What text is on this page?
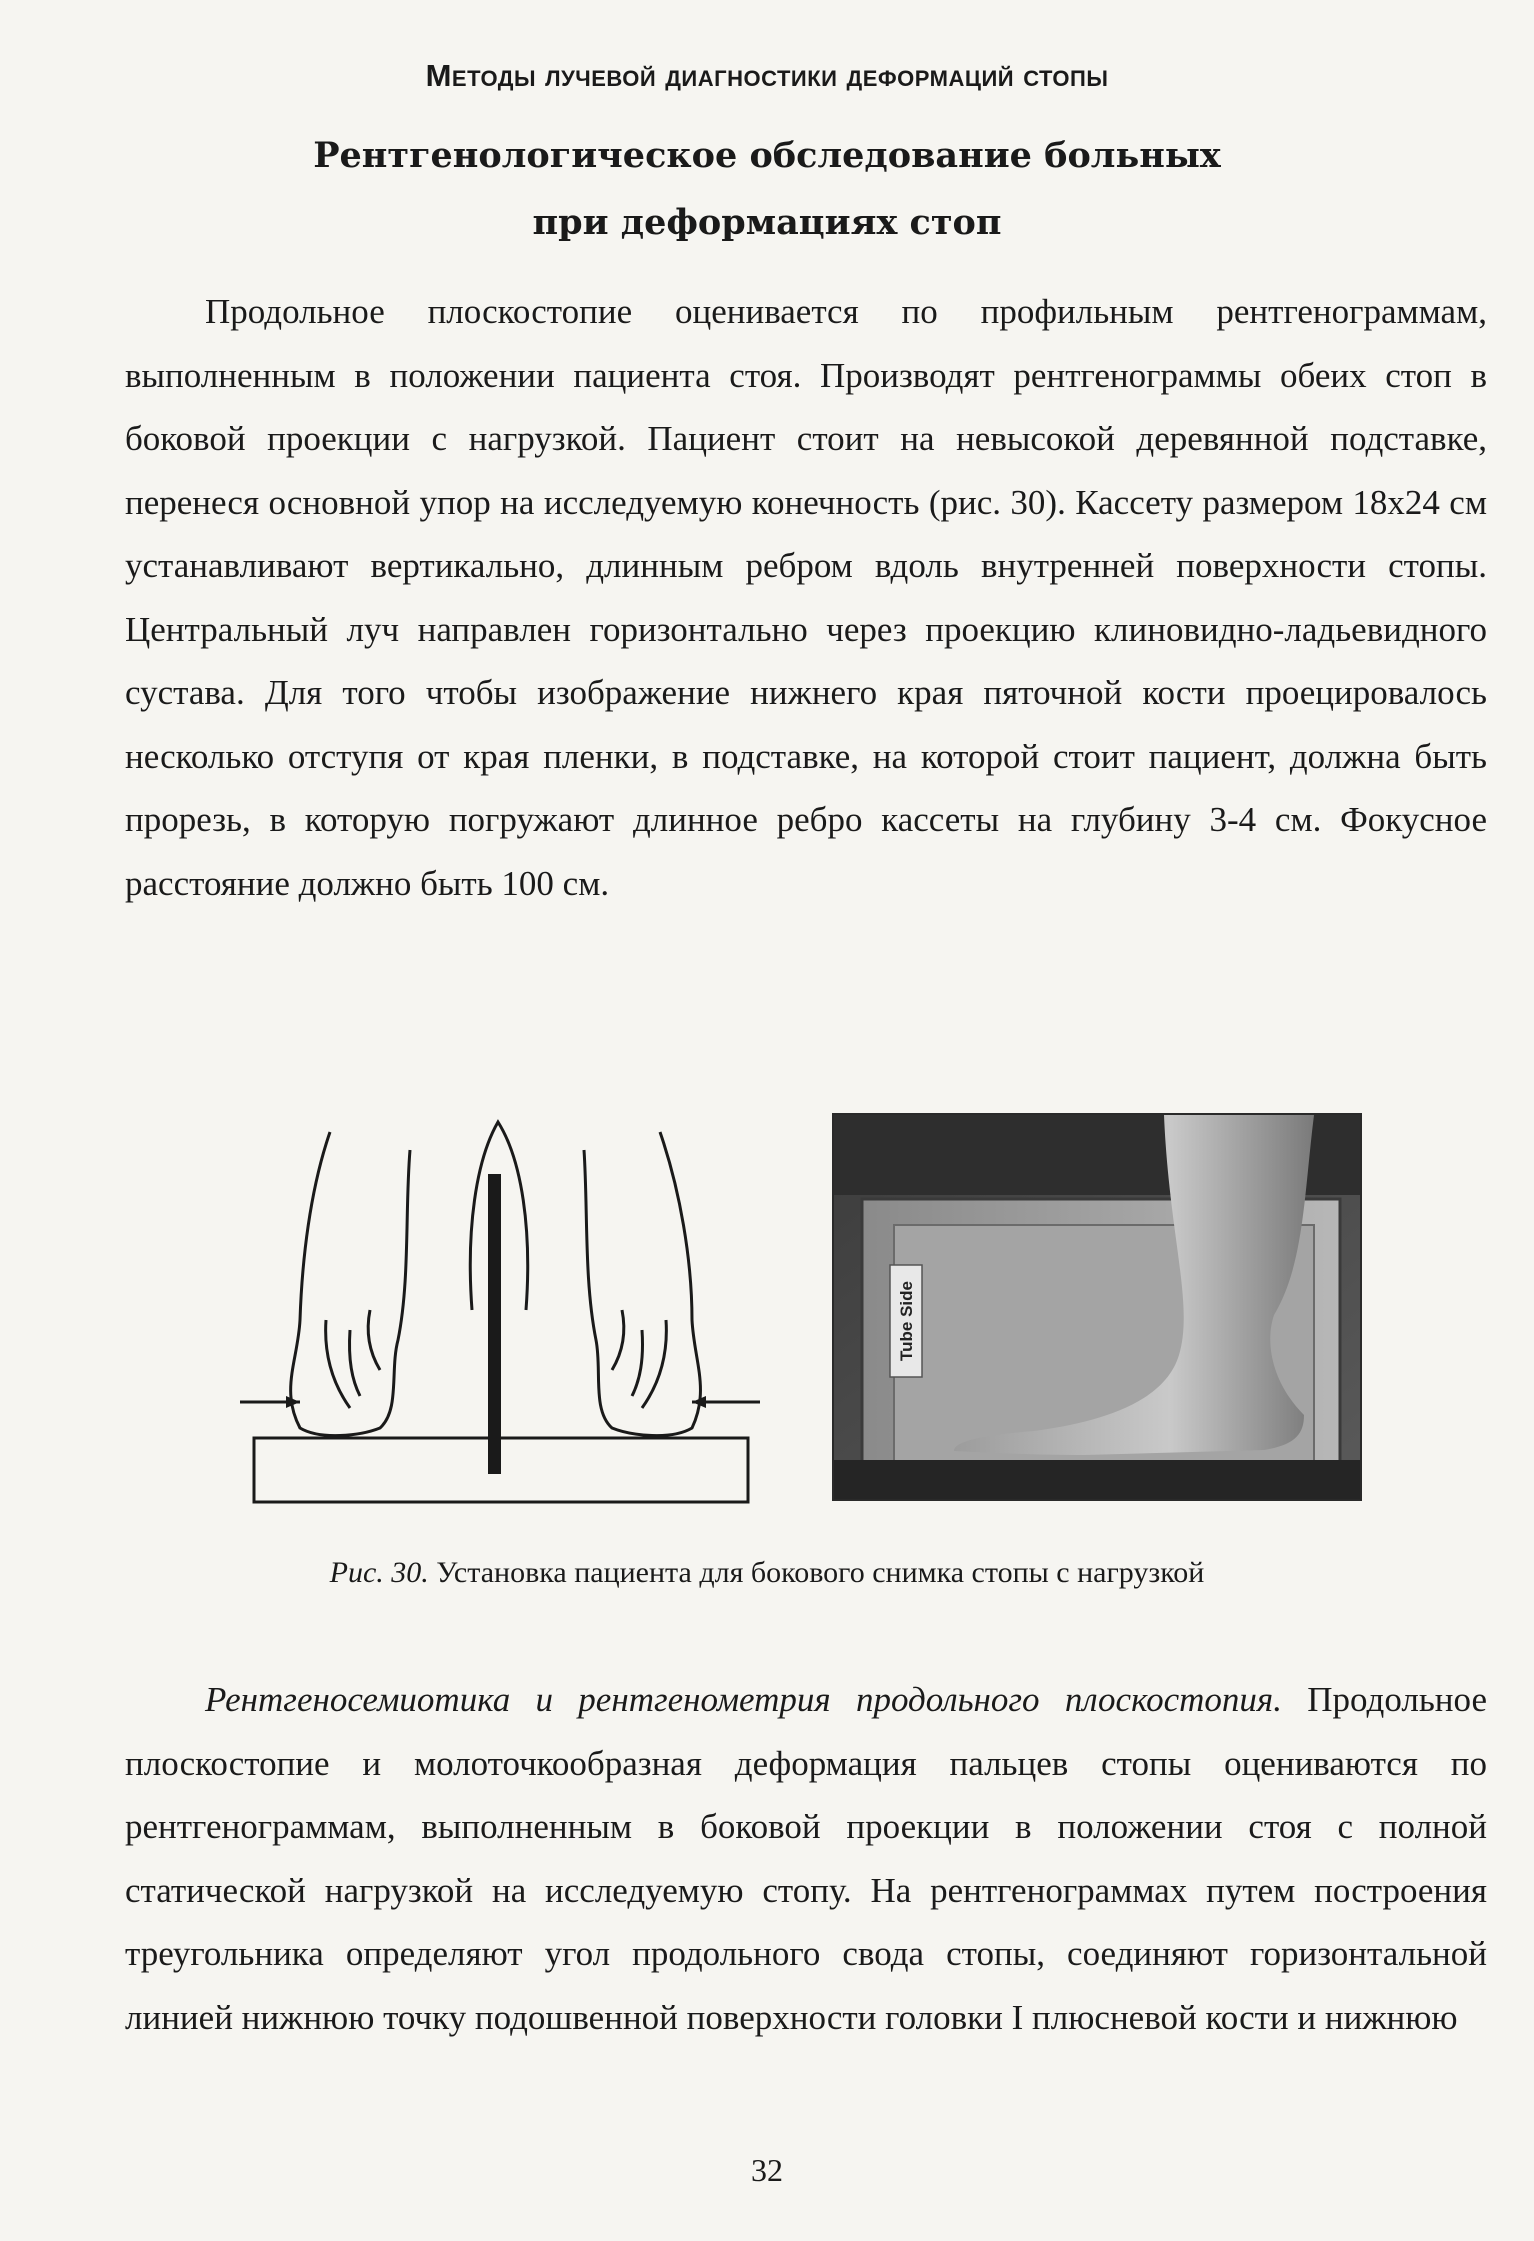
Методы лучевой диагностики деформаций стопы
Рентгенологическое обследование больных
при деформациях стоп

Продольное плоскостопие оценивается по профильным рентгенограммам, выполненным в положении пациента стоя. Производят рентгенограммы обеих стоп в боковой проекции с нагрузкой. Пациент стоит на невысокой деревянной подставке, перенеся основной упор на исследуемую конечность (рис. 30). Кассету размером 18x24 см устанавливают вертикально, длинным ребром вдоль внутренней поверхности стопы. Центральный луч направлен горизонтально через проекцию клиновидно-ладьевидного сустава. Для того чтобы изображение нижнего края пяточной кости проецировалось несколько отступя от края пленки, в подставке, на которой стоит пациент, должна быть прорезь, в которую погружают длинное ребро кассеты на глубину 3-4 см. Фокусное расстояние должно быть 100 см.

Tube Side
Рис. 30. Установка пациента для бокового снимка стопы с нагрузкой

Рентгеносемиотика и рентгенометрия продольного плоскостопия. Продольное плоскостопие и молоточкообразная деформация пальцев стопы оцениваются по рентгенограммам, выполненным в боковой проекции в положении стоя с полной статической нагрузкой на исследуемую стопу. На рентгенограммах путем построения треугольника определяют угол продольного свода стопы, соединяют горизонтальной линией нижнюю точку подошвенной поверхности головки I плюсневой кости и нижнюю

32
